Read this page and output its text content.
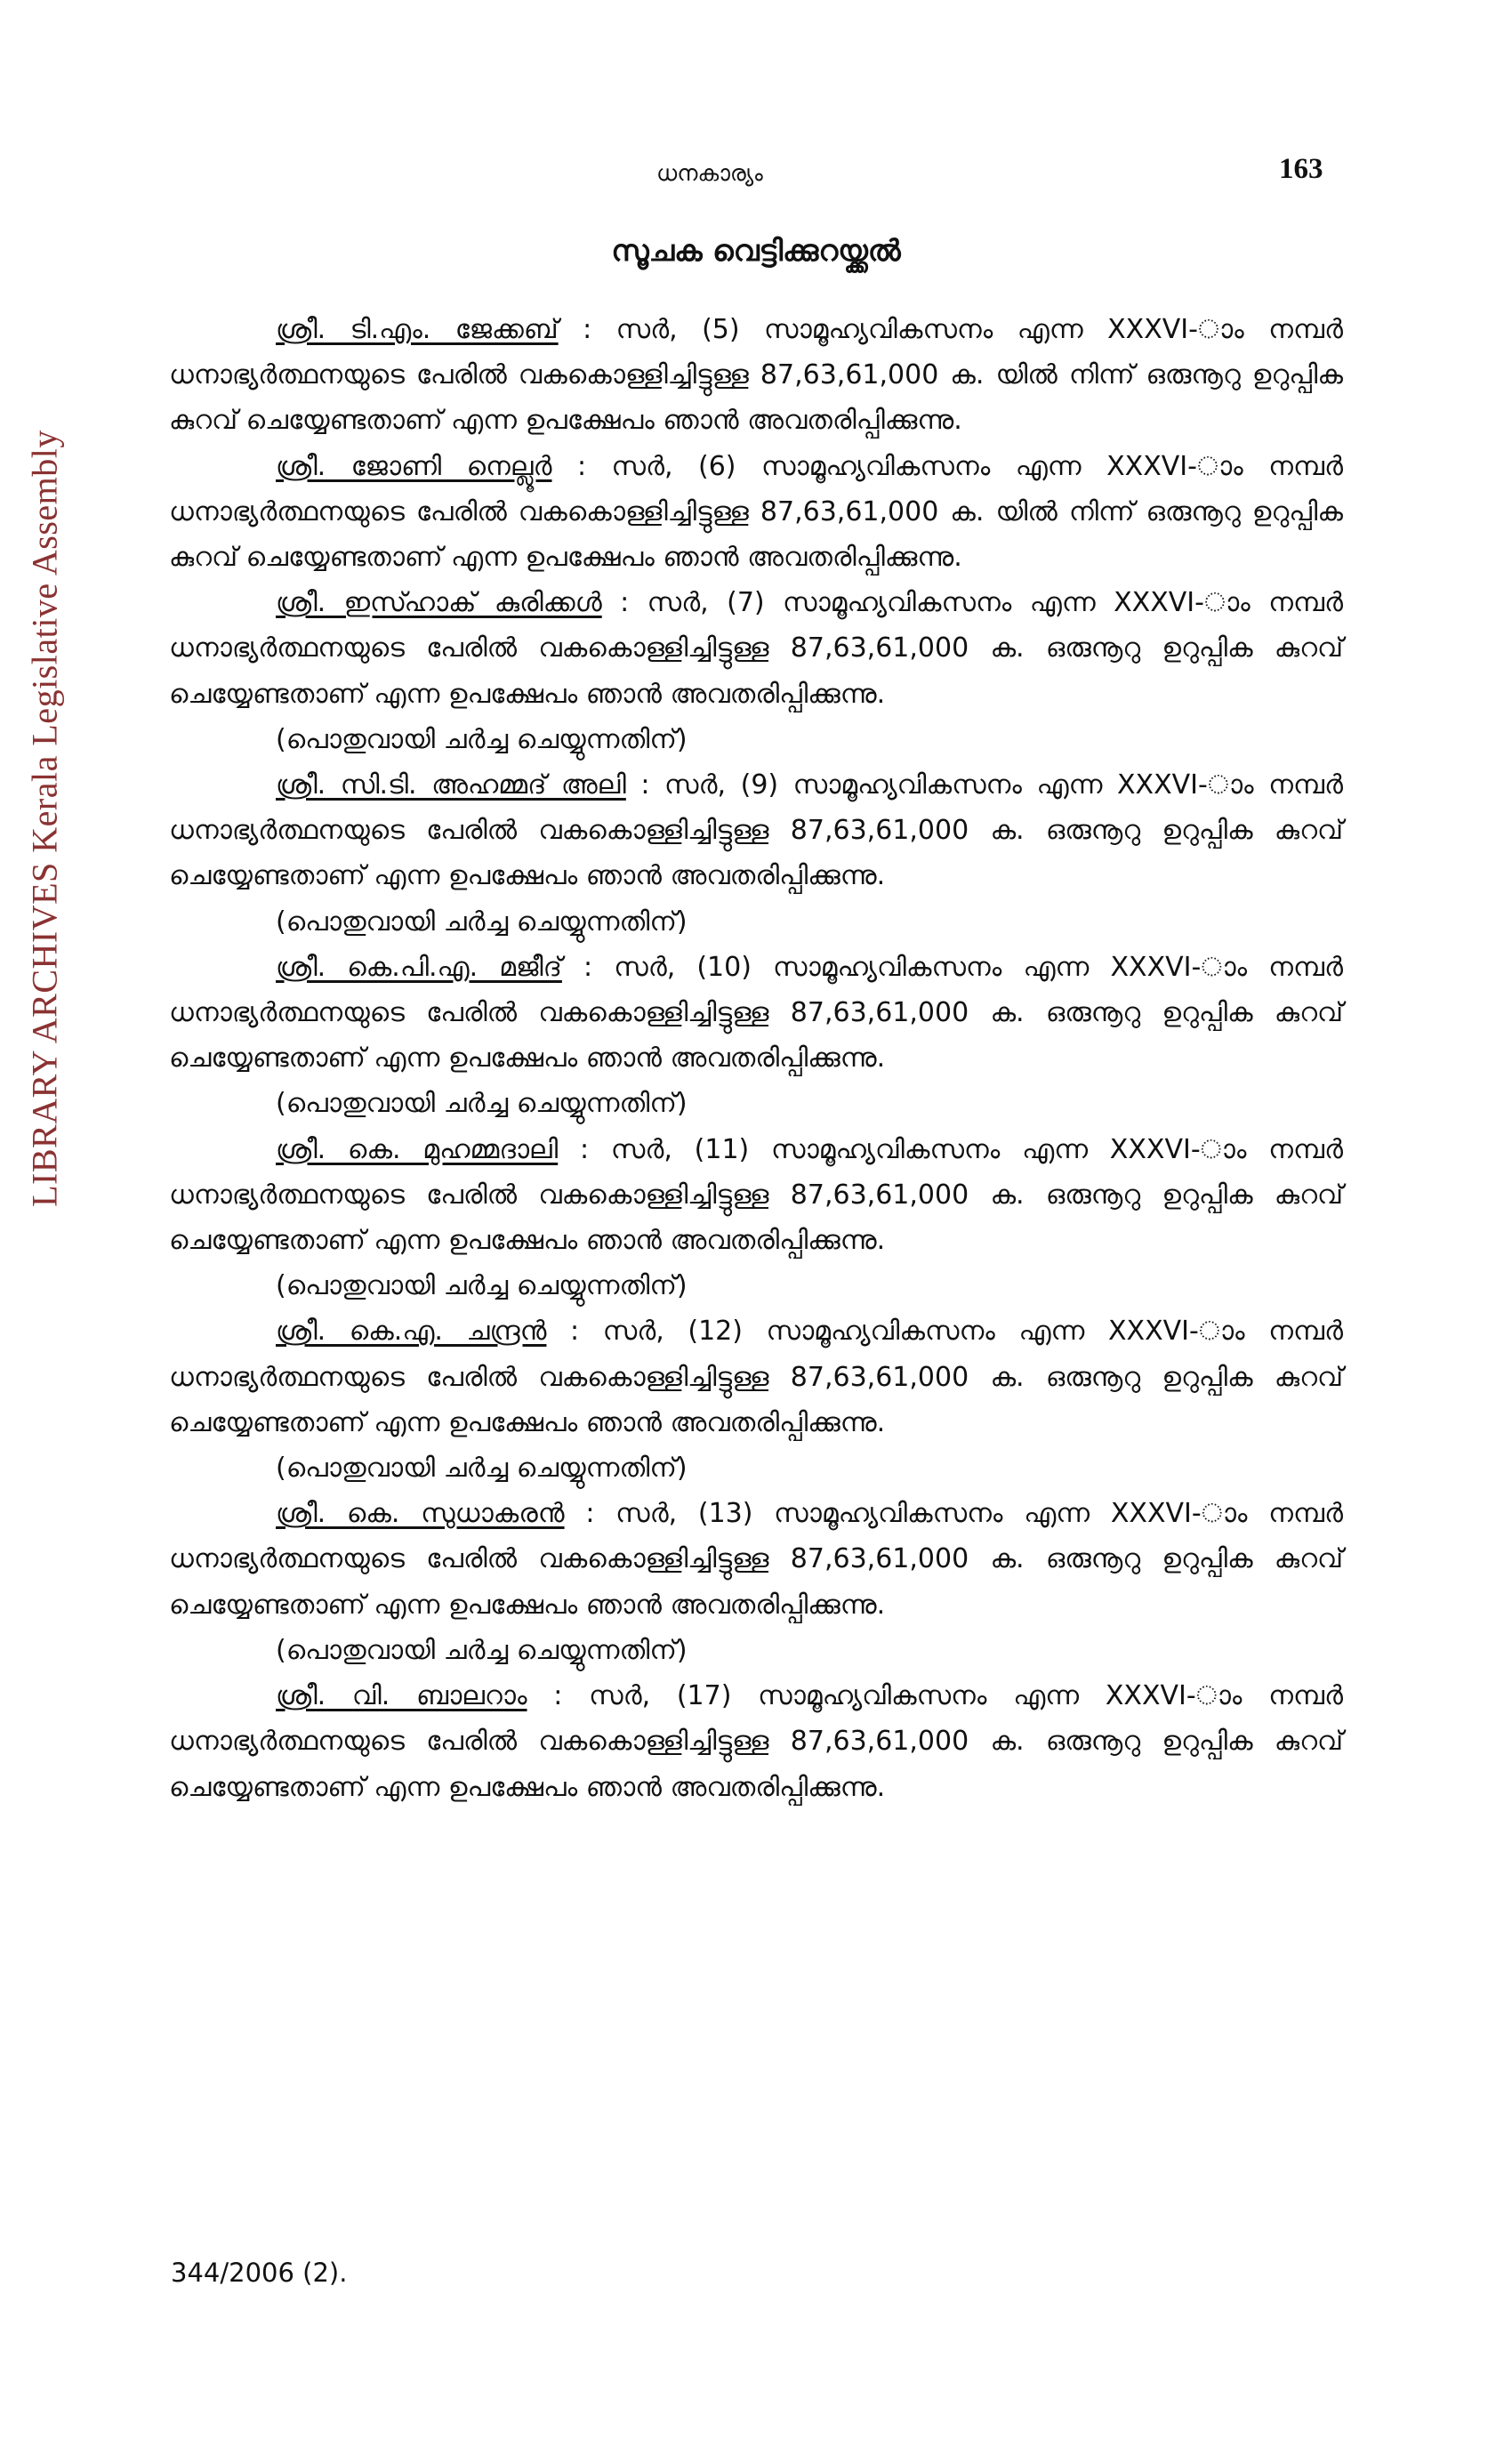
LIBRARY ARCHIVES Kerala Legislative Assembly
ധനകാര്യം	163
സൂചക വെട്ടിക്കുറയ്ക്കൽ

ശ്രീ. ടി.എം. ജേക്കബ് : സർ, (5) സാമൂഹ്യവികസനം എന്ന XXXVI-ാം നമ്പർ ധനാഭ്യർത്ഥനയുടെ പേരിൽ വകകൊള്ളിച്ചിട്ടുള്ള 87,63,61,000 ക. യിൽ നിന്ന് ഒരുനൂറു ഉറുപ്പിക കുറവ് ചെയ്യേണ്ടതാണ് എന്ന ഉപക്ഷേപം ഞാൻ അവതരിപ്പിക്കുന്നു.

ശ്രീ. ജോണി നെല്ലൂർ : സർ, (6) സാമൂഹ്യവികസനം എന്ന XXXVI-ാം നമ്പർ ധനാഭ്യർത്ഥനയുടെ പേരിൽ വകകൊള്ളിച്ചിട്ടുള്ള 87,63,61,000 ക. യിൽ നിന്ന് ഒരുനൂറു ഉറുപ്പിക കുറവ് ചെയ്യേണ്ടതാണ് എന്ന ഉപക്ഷേപം ഞാൻ അവതരിപ്പിക്കുന്നു.

ശ്രീ. ഇസ്ഹാക് കുരിക്കൾ : സർ, (7) സാമൂഹ്യവികസനം എന്ന XXXVI-ാം നമ്പർ ധനാഭ്യർത്ഥനയുടെ പേരിൽ വകകൊള്ളിച്ചിട്ടുള്ള 87,63,61,000 ക. ഒരുനൂറു ഉറുപ്പിക കുറവ് ചെയ്യേണ്ടതാണ് എന്ന ഉപക്ഷേപം ഞാൻ അവതരിപ്പിക്കുന്നു.

(പൊതുവായി ചർച്ച ചെയ്യുന്നതിന്)

ശ്രീ. സി.ടി. അഹമ്മദ് അലി : സർ, (9) സാമൂഹ്യവികസനം എന്ന XXXVI-ാം നമ്പർ ധനാഭ്യർത്ഥനയുടെ പേരിൽ വകകൊള്ളിച്ചിട്ടുള്ള 87,63,61,000 ക. ഒരുനൂറു ഉറുപ്പിക കുറവ് ചെയ്യേണ്ടതാണ് എന്ന ഉപക്ഷേപം ഞാൻ അവതരിപ്പിക്കുന്നു.

(പൊതുവായി ചർച്ച ചെയ്യുന്നതിന്)

ശ്രീ. കെ.പി.എ. മജീദ് : സർ, (10) സാമൂഹ്യവികസനം എന്ന XXXVI-ാം നമ്പർ ധനാഭ്യർത്ഥനയുടെ പേരിൽ വകകൊള്ളിച്ചിട്ടുള്ള 87,63,61,000 ക. ഒരുനൂറു ഉറുപ്പിക കുറവ് ചെയ്യേണ്ടതാണ് എന്ന ഉപക്ഷേപം ഞാൻ അവതരിപ്പിക്കുന്നു.

(പൊതുവായി ചർച്ച ചെയ്യുന്നതിന്)

ശ്രീ. കെ. മുഹമ്മദാലി : സർ, (11) സാമൂഹ്യവികസനം എന്ന XXXVI-ാം നമ്പർ ധനാഭ്യർത്ഥനയുടെ പേരിൽ വകകൊള്ളിച്ചിട്ടുള്ള 87,63,61,000 ക. ഒരുനൂറു ഉറുപ്പിക കുറവ് ചെയ്യേണ്ടതാണ് എന്ന ഉപക്ഷേപം ഞാൻ അവതരിപ്പിക്കുന്നു.

(പൊതുവായി ചർച്ച ചെയ്യുന്നതിന്)

ശ്രീ. കെ.എ. ചന്ദ്രൻ : സർ, (12) സാമൂഹ്യവികസനം എന്ന XXXVI-ാം നമ്പർ ധനാഭ്യർത്ഥനയുടെ പേരിൽ വകകൊള്ളിച്ചിട്ടുള്ള 87,63,61,000 ക. ഒരുനൂറു ഉറുപ്പിക കുറവ് ചെയ്യേണ്ടതാണ് എന്ന ഉപക്ഷേപം ഞാൻ അവതരിപ്പിക്കുന്നു.

(പൊതുവായി ചർച്ച ചെയ്യുന്നതിന്)

ശ്രീ. കെ. സുധാകരൻ : സർ, (13) സാമൂഹ്യവികസനം എന്ന XXXVI-ാം നമ്പർ ധനാഭ്യർത്ഥനയുടെ പേരിൽ വകകൊള്ളിച്ചിട്ടുള്ള 87,63,61,000 ക. ഒരുനൂറു ഉറുപ്പിക കുറവ് ചെയ്യേണ്ടതാണ് എന്ന ഉപക്ഷേപം ഞാൻ അവതരിപ്പിക്കുന്നു.

(പൊതുവായി ചർച്ച ചെയ്യുന്നതിന്)

ശ്രീ. വി. ബാലറാം : സർ, (17) സാമൂഹ്യവികസനം എന്ന XXXVI-ാം നമ്പർ ധനാഭ്യർത്ഥനയുടെ പേരിൽ വകകൊള്ളിച്ചിട്ടുള്ള 87,63,61,000 ക. ഒരുനൂറു ഉറുപ്പിക കുറവ് ചെയ്യേണ്ടതാണ് എന്ന ഉപക്ഷേപം ഞാൻ അവതരിപ്പിക്കുന്നു.

344/2006 (2).
